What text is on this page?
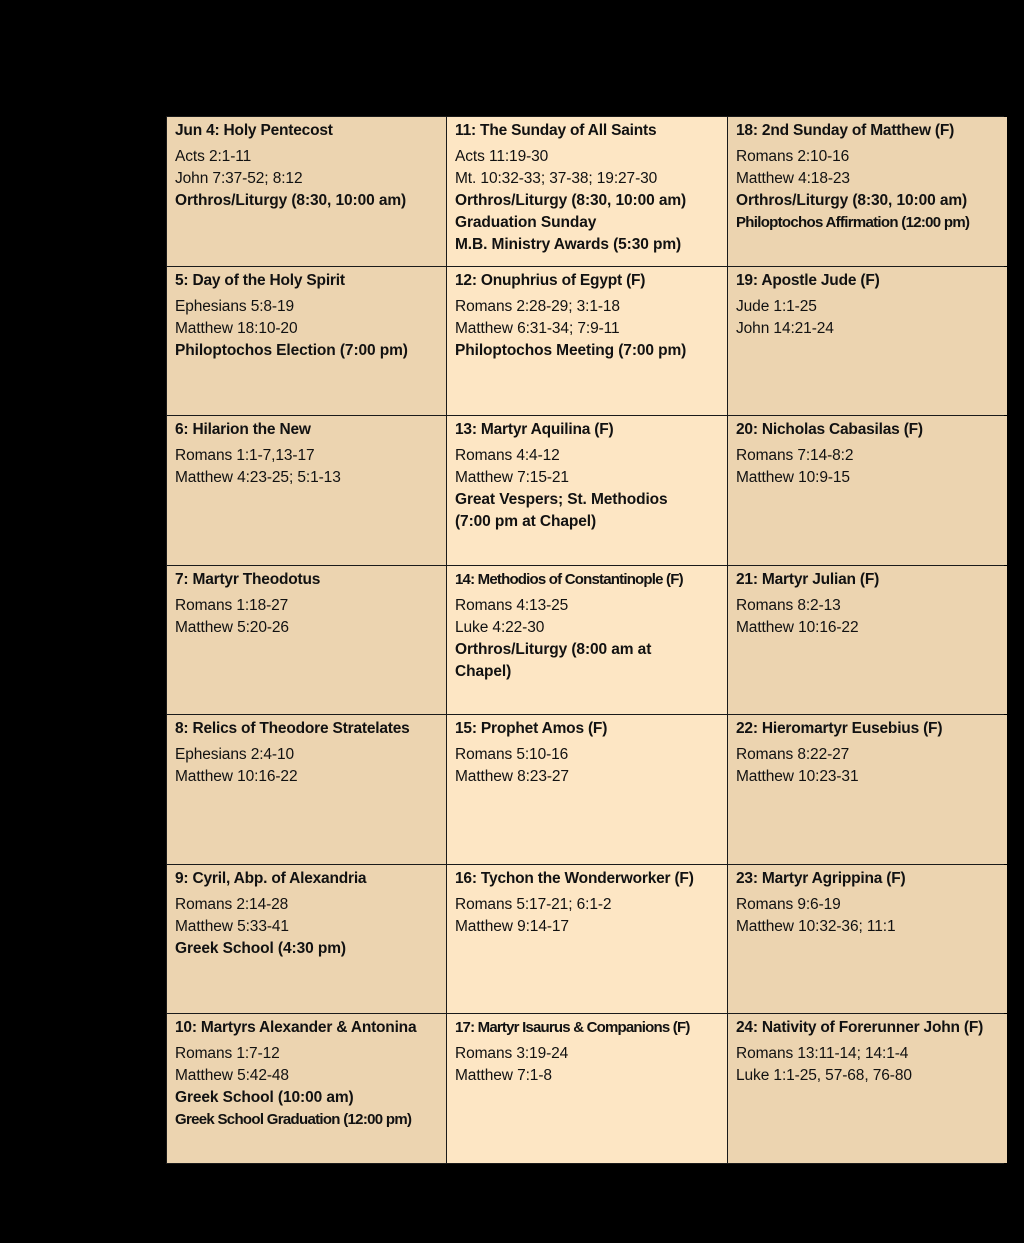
Jun 4: Holy Pentecost
Acts 2:1-11
John 7:37-52; 8:12
Orthros/Liturgy (8:30, 10:00 am)
11: The Sunday of All Saints
Acts 11:19-30
Mt. 10:32-33; 37-38; 19:27-30
Orthros/Liturgy (8:30, 10:00 am)
Graduation Sunday
M.B. Ministry Awards (5:30 pm)
18: 2nd Sunday of Matthew (F)
Romans 2:10-16
Matthew 4:18-23
Orthros/Liturgy (8:30, 10:00 am)
Philoptochos Affirmation (12:00 pm)
5: Day of the Holy Spirit
Ephesians 5:8-19
Matthew 18:10-20
Philoptochos Election (7:00 pm)
12: Onuphrius of Egypt (F)
Romans 2:28-29; 3:1-18
Matthew 6:31-34; 7:9-11
Philoptochos Meeting (7:00 pm)
19: Apostle Jude (F)
Jude 1:1-25
John 14:21-24
6: Hilarion the New
Romans 1:1-7,13-17
Matthew 4:23-25; 5:1-13
13: Martyr Aquilina (F)
Romans 4:4-12
Matthew 7:15-21
Great Vespers; St. Methodios
(7:00 pm at Chapel)
20: Nicholas Cabasilas (F)
Romans 7:14-8:2
Matthew 10:9-15
7: Martyr Theodotus
Romans 1:18-27
Matthew 5:20-26
14: Methodios of Constantinople (F)
Romans 4:13-25
Luke 4:22-30
Orthros/Liturgy (8:00 am at
Chapel)
21: Martyr Julian (F)
Romans 8:2-13
Matthew 10:16-22
8: Relics of Theodore Stratelates
Ephesians 2:4-10
Matthew 10:16-22
15: Prophet Amos (F)
Romans 5:10-16
Matthew 8:23-27
22: Hieromartyr Eusebius (F)
Romans 8:22-27
Matthew 10:23-31
9: Cyril, Abp. of Alexandria
Romans 2:14-28
Matthew 5:33-41
Greek School (4:30 pm)
16: Tychon the Wonderworker (F)
Romans 5:17-21; 6:1-2
Matthew 9:14-17
23: Martyr Agrippina (F)
Romans 9:6-19
Matthew 10:32-36; 11:1
10: Martyrs Alexander & Antonina
Romans 1:7-12
Matthew 5:42-48
Greek School (10:00 am)
Greek School Graduation (12:00 pm)
17: Martyr Isaurus & Companions (F)
Romans 3:19-24
Matthew 7:1-8
24: Nativity of Forerunner John (F)
Romans 13:11-14; 14:1-4
Luke 1:1-25, 57-68, 76-80
